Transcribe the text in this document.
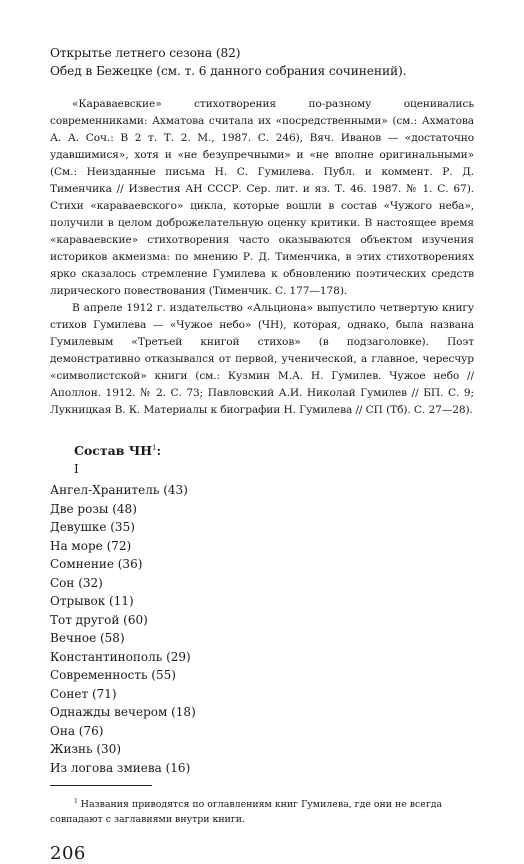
Открытье летнего сезона (82)

Обед в Бежецке (см. т. 6 данного собрания сочинений).

«Караваевские» стихотворения по-разному оценивались современниками: Ахматова считала их «посредственными» (см.: Ахматова А. А. Соч.: В 2 т. Т. 2. М., 1987. С. 246), Вяч. Иванов — «достаточно удавшимися», хотя и «не безупречными» и «не вполне оригинальными» (См.: Неизданные письма Н. С. Гумилева. Публ. и коммент. Р. Д. Тименчика // Известия АН СССР. Сер. лит. и яз. Т. 46. 1987. № 1. С. 67). Стихи «караваевского» цикла, которые вошли в состав «Чужого неба», получили в целом доброжелательную оценку критики. В настоящее время «караваевские» стихотворения часто оказываются объектом изучения историков акмеизма: по мнению Р. Д. Тименчика, в этих стихотворениях ярко сказалось стремление Гумилева к обновлению поэтических средств лирического повествования (Тименчик. С. 177—178).

В апреле 1912 г. издательство «Альциона» выпустило четвертую книгу стихов Гумилева — «Чужое небо» (ЧН), которая, однако, была названа Гумилевым «Третьей книгой стихов» (в подзаголовке). Поэт демонстративно отказывался от первой, ученической, а главное, чересчур «символистской» книги (см.: Кузмин М.А. Н. Гумилев. Чужое небо // Аполлон. 1912. № 2. С. 73; Павловский А.И. Николай Гумилев // БП. С. 9; Лукницкая В. К. Материалы к биографии Н. Гумилева // СП (Тб). С. 27—28).

Состав $ЧН^1$:
I
Ангел-Хранитель (43)
Две розы (48)
Девушке (35)
На море (72)
Сомнение (36)
Сон (32)
Отрывок (11)
Тот другой (60)
Вечное (58)
Константинополь (29)
Современность (55)
Сонет (71)
Однажды вечером (18)
Она (76)
Жизнь (30)
Из логова змиева (16)

$^1$ Названия приводятся по оглавлениям книг Гумилева, где они не всегда совпадают с заглавиями внутри книги.

206
